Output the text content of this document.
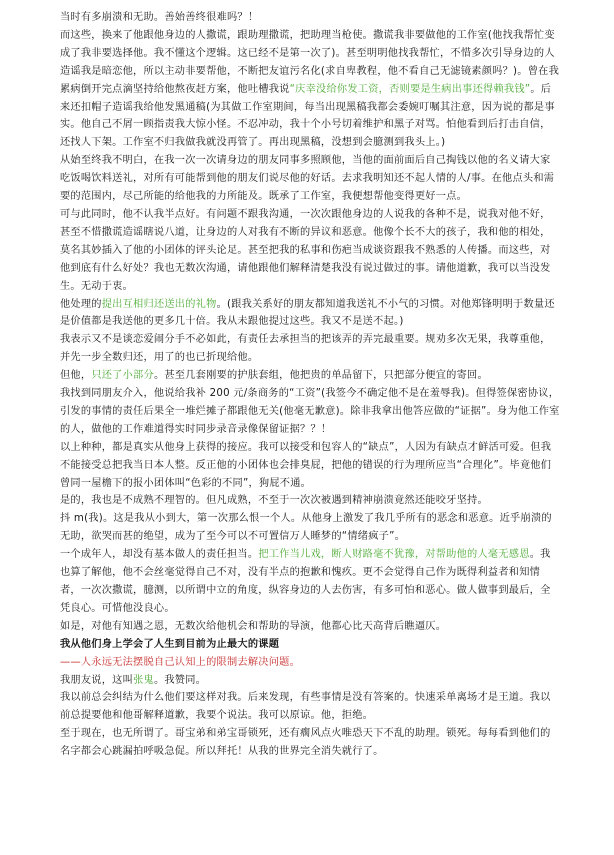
当时有多崩溃和无助。善始善终很难吗？！

而这些，换来了他跟他身边的人撒谎，跟助理撒谎，把助理当枪使。撒谎我非要做他的工作室(他找我帮忙变成了我非要选择他。我不懂这个逻辑。这已经不是第一次了)。甚至明明他找我帮忙，不惜多次引导身边的人造谣我是暗恋他，所以主动非要帮他，不断把友谊污名化(求自卑教程，他不看自己无滤镜素颜吗？)。曾在我累病倒开完点滴坚持给他熬夜赶方案，他吐槽我说“庆幸没给你发工资，否则要是生病出事还得赖我钱”。后来还扣帽子造谣我给他发黑通稿(为其做工作室期间，每当出现黑稿我都会委婉叮嘱其注意，因为说的都是事实。他自己不屑一顾指责我大惊小怪。不忍冲动，我十个小号切着维护和黑子对骂。怕他看到后打击自信，还找人下架。工作室不归我做我就没再管了。再出现黑稿，没想到会臆测到我头上。)

从始至终我不明白，在我一次一次请身边的朋友同事多照顾他，当他的面前面后自己掏钱以他的名义请大家吃饭喝饮料送礼，对所有可能帮到他的朋友们说尽他的好话。去求我明知还不起人情的人/事。在他点头和需要的范围内，尽己所能的给他我的力所能及。既承了工作室，我便想帮他变得更好一点。

可与此同时，他不认我半点好。有问题不跟我沟通，一次次跟他身边的人说我的各种不是，说我对他不好，甚至不惜撒谎造谣瞎说八道，让身边的人对我有不断的异议和恶意。他像个长不大的孩子，我和他的相处，莫名其妙插入了他的小团体的评头论足。甚至把我的私事和伤疤当成谈资跟我不熟悉的人传播。而这些，对他到底有什么好处？我也无数次沟通，请他跟他们解释清楚我没有说过做过的事。请他道歉，我可以当没发生。无动于衷。

他处理的提出互相归还送出的礼物。(跟我关系好的朋友都知道我送礼不小气的习惯。对他郑锋明明于数量还是价值都是我送他的更多几十倍。我从未跟他提过这些。我又不是送不起。)

我表示又不是谈恋爱闹分手不必如此，有责任去承担当的把该弄的弄完最重要。规劝多次无果，我尊重他，并先一步全数归还，用了的也已折现给他。

但他，只还了小部分。甚至几套刚要的护肤套组，他把贵的单品留下，只把部分便宜的寄回。

我找到同朋友介入，他说给我补 200 元/条商务的“工资”(我签今不确定他不是在羞辱我)。但得签保密协议，引发的事情的责任后果全一堆烂摊子都跟他无关(他毫无歉意)。除非我拿出他答应做的“证据”。身为他工作室的人，做他的工作难道得实时同步录音录像保留证据？？！

以上种种，都是真实从他身上获得的接应。我可以接受和包容人的“缺点”，人因为有缺点才鲜活可爱。但我不能接受总把我当日本人整。反正他的小团体也会排臭屁，把他的错误的行为理所应当“合理化”。毕竟他们曾同一屋檐下的报小团体叫“色彩的不同”，狗屁不通。

是的，我也是不成熟不理智的。但凡成熟，不至于一次次被遇到精神崩溃竟然还能咬牙坚持。

抖 m(我)。这是我从小到大，第一次那么恨一个人。从他身上激发了我几乎所有的恶念和恶意。近乎崩溃的无助，欲哭而甚的绝望，成为了至今可以不可置信万人睡梦的“情绪疯子”。

一个成年人，却没有基本做人的责任担当。把工作当儿戏，断人财路毫不犹豫，对帮助他的人毫无感恩。我也算了解他，他不会丝毫觉得自己不对，没有半点的抱歉和愧疚。更不会觉得自己作为既得利益者和知情者，一次次撒谎，臆测，以所谓中立的角度，纵容身边的人去伤害，有多可怕和恶心。做人做事到最后，全凭良心。可惜他没良心。

如是，对他有知遇之恩，无数次给他机会和帮助的导演，他都心比天高背后瞧逼仄。

我从他们身上学会了人生到目前为止最大的课题

——人永远无法摆脱自己认知上的限制去解决问题。

我朋友说，这叫张鬼。我赞同。

我以前总会纠结为什么他们要这样对我。后来发现，有些事情是没有答案的。快速采单离场才是王道。我以前总提要他和他哥解释道歉，我要个说法。我可以原谅。他，拒绝。

至于现在，也无所谓了。哥宝弟和弟宝哥锁死，还有瘸风点火唯恐天下不乱的助理。锁死。每每看到他们的名字都会心跳漏拍呼吸急促。所以拜托！从我的世界完全消失就行了。
